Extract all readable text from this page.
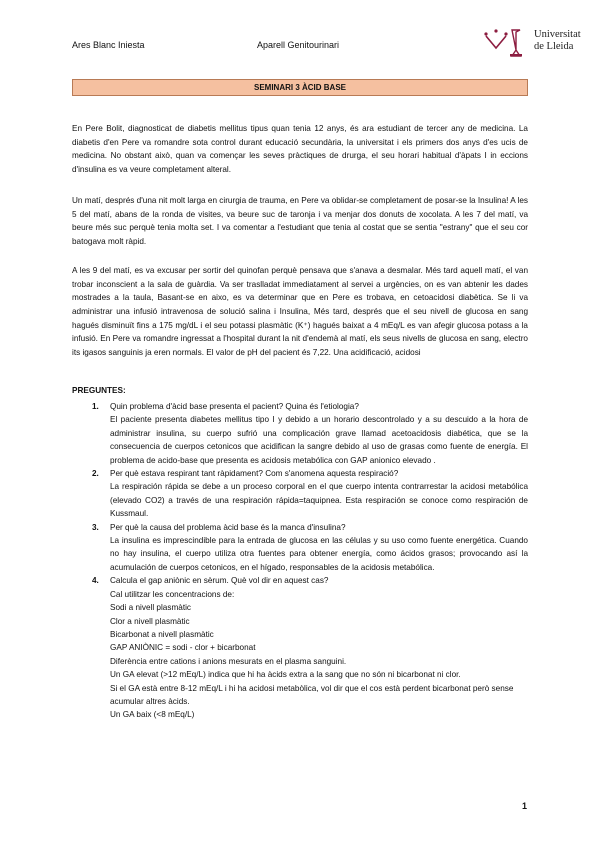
Ares Blanc Iniesta	Aparell Genitourinari
Universitat
de Lleida
SEMINARI 3 ÀCID BASE

En Pere Bolit, diagnosticat de diabetis mellitus tipus quan tenia 12 anys, és ara estudiant de tercer any de medicina. La diabetis d'en Pere va romandre sota control durant educació secundària, la universitat i els primers dos anys d'es ucis de medicina. No obstant això, quan va començar les seves pràctiques de drurga, el seu horari habitual d'àpats I in eccions d'insulina es va veure completament alteral.

Un matí, després d'una nit molt larga en cirurgia de trauma, en Pere va oblidar-se completament de posar-se la Insulina! A les 5 del matí, abans de la ronda de visites, va beure suc de taronja i va menjar dos donuts de xocolata. A les 7 del matí, va beure més suc perquè tenia molta set. I va comentar a l'estudiant que tenia al costat que se sentia "estrany" que el seu cor batogava molt ràpid.

A les 9 del matí, es va excusar per sortir del quinofan perquè pensava que s'anava a desmalar. Més tard aquell matí, el van trobar inconscient a la sala de guàrdia. Va ser traslladat immediatament al servei a urgències, on es van abtenir les dades mostrades a la taula, Basant-se en aixo, es va determinar que en Pere es trobava, en cetoacidosi diabètica. Se li va administrar una infusió intravenosa de solució salina i Insulina, Més tard, després que el seu nivell de glucosa en sang hagués disminuït fins a 175 mg/dL i el seu potassi plasmàtic (K⁺) hagués baixat a 4 mEq/L es van afegir glucosa potass a la infusió. En Pere va romandre ingressat a l'hospital durant la nit d'endemà al matí, els seus nivells de glucosa en sang, electro its igasos sanguinis ja eren normals. El valor de pH del pacient és 7,22. Una acidificació, acidosi

PREGUNTES:
1. Quin problema d'àcid base presenta el pacient? Quina és l'etiologia?
El paciente presenta diabetes mellitus tipo I y debido a un horario descontrolado y a su descuido a la hora de administrar insulina, su cuerpo sufrió una complicación grave llamad acetoacidosis diabética, que se la consecuencia de cuerpos cetonicos que acidifican la sangre debido al uso de grasas como fuente de energía. El problema de acido-base que presenta es acidosis metabólica con GAP anionico elevado .
2. Per què estava respirant tant ràpidament? Com s'anomena aquesta respiració?
La respiración rápida se debe a un proceso corporal en el que cuerpo intenta contrarrestar la acidosi metabólica (elevado CO2) a través de una respiración rápida=taquipnea. Esta respiración se conoce como respiración de Kussmaul.
3. Per què la causa del problema àcid base és la manca d'insulina?
La insulina es imprescindible para la entrada de glucosa en las células y su uso como fuente energética. Cuando no hay insulina, el cuerpo utiliza otra fuentes para obtener energía, como ácidos grasos; provocando así la acumulación de cuerpos cetonicos, en el hígado, responsables de la acidosis metabólica.
4. Calcula el gap aniònic en sèrum. Què vol dir en aquest cas?
Cal utilitzar les concentracions de:
Sodi a nivell plasmàtic
Clor a nivell plasmàtic
Bicarbonat a nivell plasmàtic
GAP ANIÒNIC = sodi - clor + bicarbonat
Diferència entre cations i anions mesurats en el plasma sanguini.
Un GA elevat (>12 mEq/L) indica que hi ha àcids extra a la sang que no són ni bicarbonat ni clor.
Si el GA està entre 8-12 mEq/L i hi ha acidosi metabòlica, vol dir que el cos està perdent bicarbonat però sense acumular altres àcids.
Un GA baix (<8 mEq/L)
1
